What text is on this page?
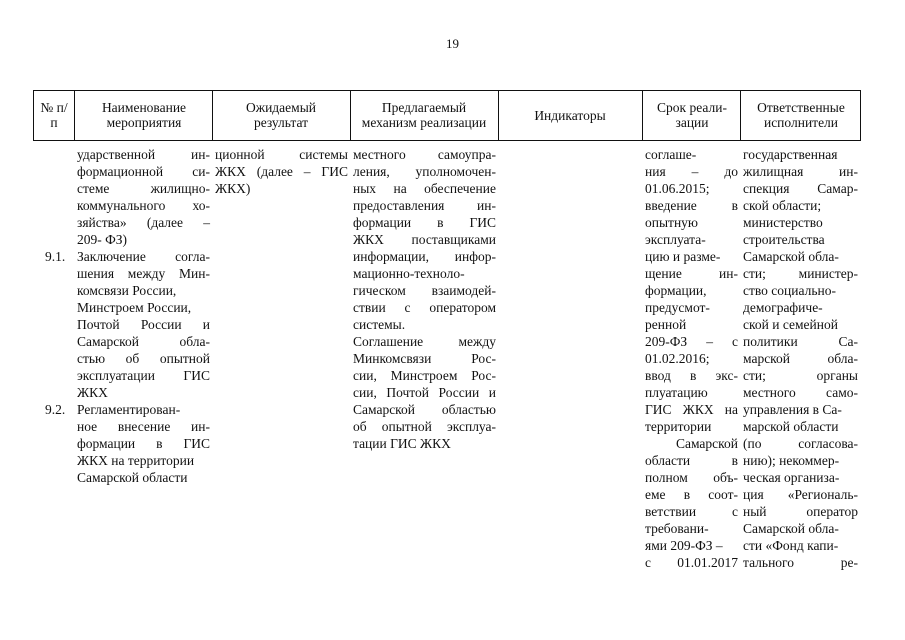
19
№ п/п
Наименование мероприятия
Ожидаемый результат
Предлагаемый механизм реализации	Индикаторы	Срок реали-зации
Ответственные исполнители
9.1.
9.2.
ударственной ин-
формационной си-
стеме жилищно-
коммунального хо-
зяйства» (далее –
209- ФЗ)
Заключение согла-
шения между Мин-
комсвязи России,
Минстроем России,
Почтой России и
Самарской обла-
стью об опытной
эксплуатации ГИС
ЖКХ
Регламентирован-
ное внесение ин-
формации в ГИС
ЖКХ на территории
Самарской области
ционной системы
ЖКХ (далее – ГИС
ЖКХ)
местного самоупра-
ления, уполномочен-
ных на обеспечение
предоставления ин-
формации в ГИС
ЖКХ поставщиками
информации, инфор-
мационно-техноло-
гическом взаимодей-
ствии с оператором
системы.
Соглашение между
Минкомсвязи Рос-
сии, Минстроем Рос-
сии, Почтой России и
Самарской областью
об опытной эксплуа-
тации ГИС ЖКХ
соглаше-
ния – до
01.06.2015;
введение в
опытную
эксплуата-
цию и разме-
щение ин-
формации,
предусмот-
ренной
209-ФЗ – с
01.02.2016;
ввод в экс-
плуатацию
ГИС ЖКХ на
территории
Самарской
области в
полном объ-
еме в соот-
ветствии с
требовани-
ями 209-ФЗ –
с 01.01.2017
государственная
жилищная ин-
спекция Самар-
ской области;
министерство
строительства
Самарской обла-
сти; министер-
ство социально-
демографиче-
ской и семейной
политики Са-
марской обла-
сти; органы
местного само-
управления в Са-
марской области
(по согласова-
нию); некоммер-
ческая организа-
ция «Региональ-
ный оператор
Самарской обла-
сти «Фонд капи-
тального ре-
